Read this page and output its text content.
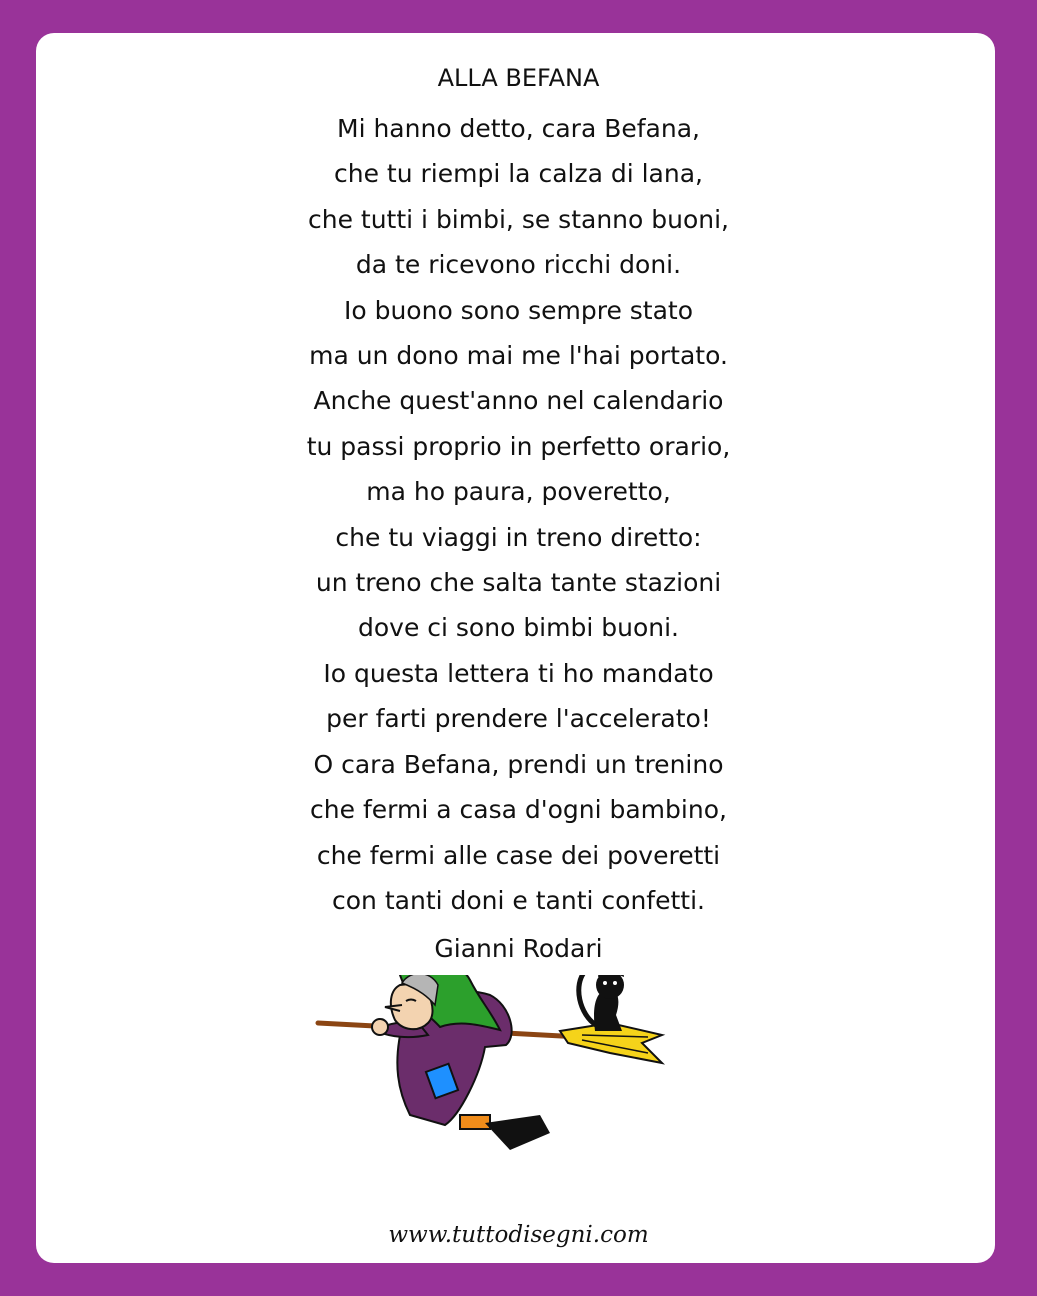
ALLA BEFANA
Mi hanno detto, cara Befana,
che tu riempi la calza di lana,
che tutti i bimbi, se stanno buoni,
da te ricevono ricchi doni.
Io buono sono sempre stato
ma un dono mai me l'hai portato.
Anche quest'anno nel calendario
tu passi proprio in perfetto orario,
ma ho paura, poveretto,
che tu viaggi in treno diretto:
un treno che salta tante stazioni
dove ci sono bimbi buoni.
Io questa lettera ti ho mandato
per farti prendere l'accelerato!
O cara Befana, prendi un trenino
che fermi a casa d'ogni bambino,
che fermi alle case dei poveretti
con tanti doni e tanti confetti.
Gianni Rodari
www.tuttodisegni.com
